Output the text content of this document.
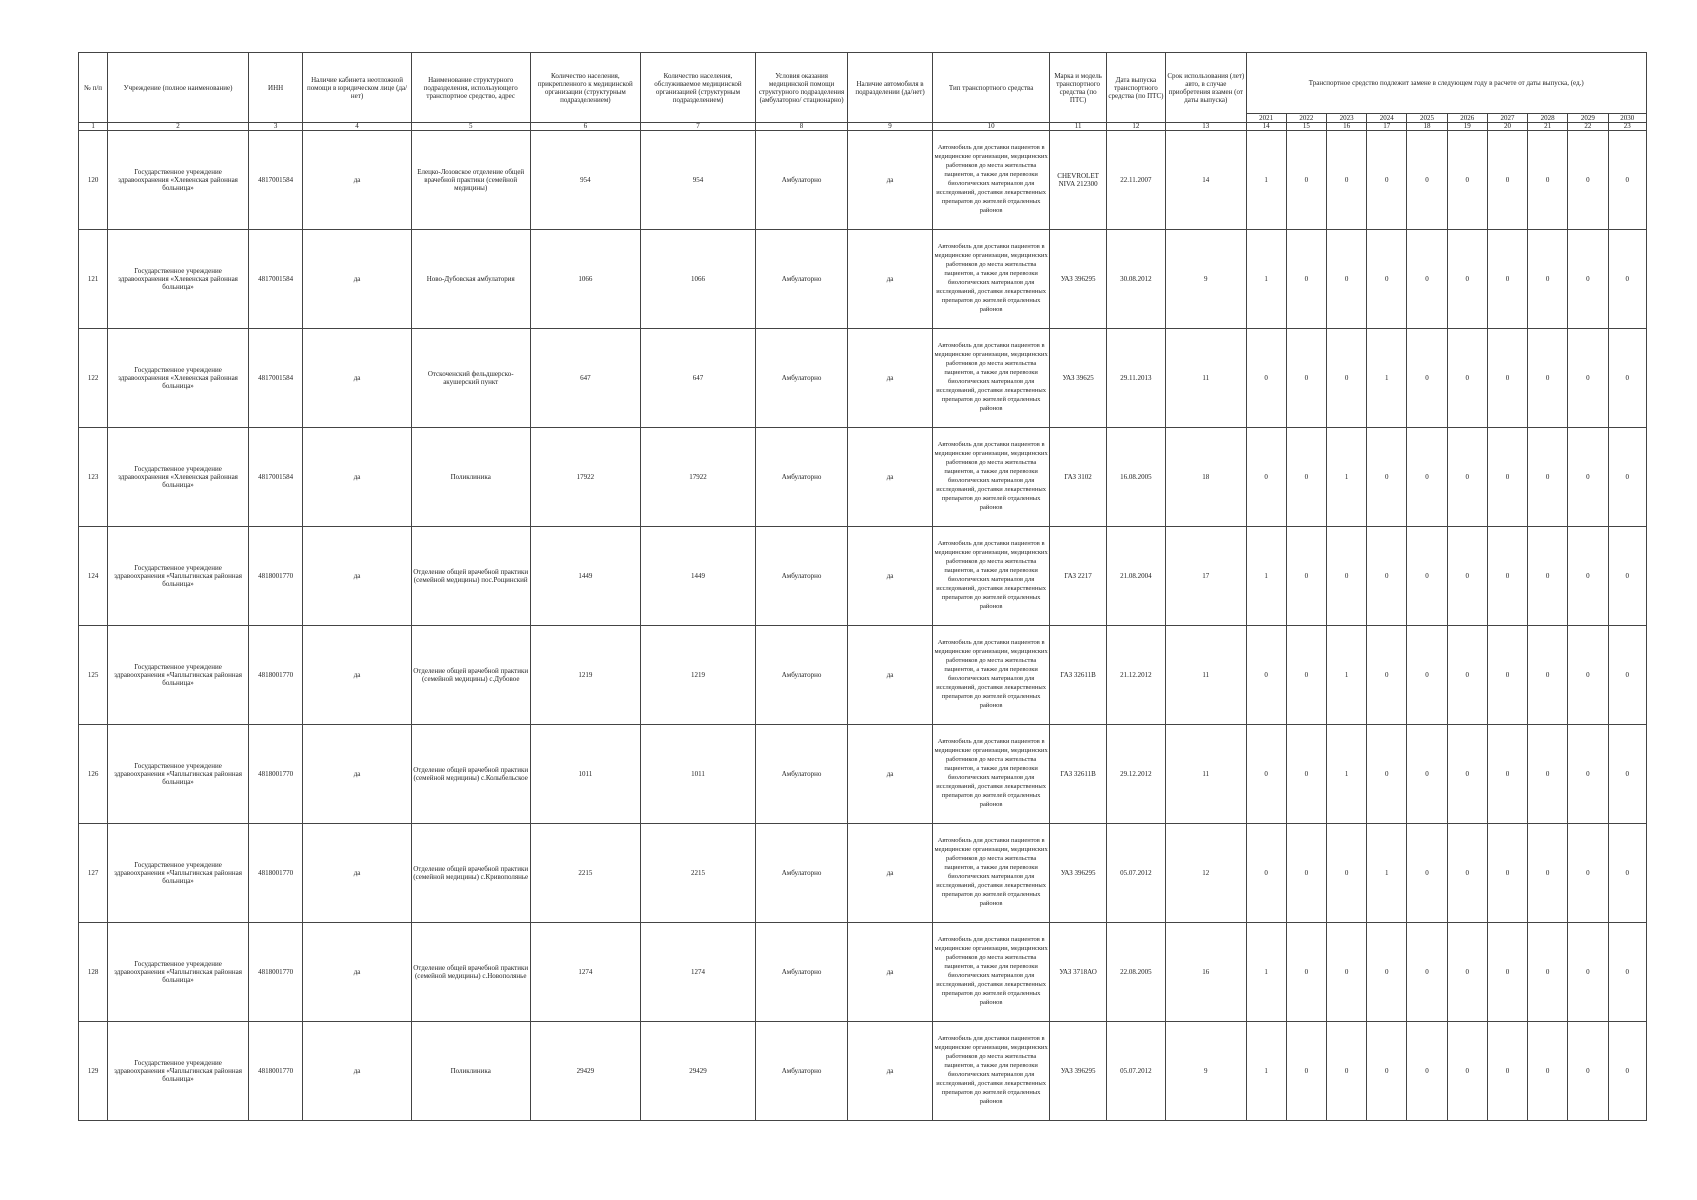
№ п/п	Учреждение (полное наименование)	ИНН	Наличие кабинета неотложной помощи в юридическом лице (да/нет)	Наименование структурного подразделения, использующего транспортное средство, адрес	Количество населения, прикрепленного к медицинской организации (структурным подразделением)	Количество населения, обслуживаемое медицинской организацией (структурным подразделением)	Условия оказания медицинской помощи структурного подразделения (амбулаторно/ стационарно)	Наличие автомобиля в подразделении (да/нет)	Тип транспортного средства	Марка и модель транспортного средства (по ПТС)	Дата выпуска транспортного средства (по ПТС)	Срок использования (лет) авто, в случае приобретения взамен (от даты выпуска)	Транспортное средство подлежит замене в следующем году в расчете от даты выпуска, (ед.)									
													2021	2022	2023	2024	2025	2026	2027	2028	2029	2030
1	2	3	4	5	6	7	8	9	10	11	12	13	14	15	16	17	18	19	20	21	22	23
120	Государственное учреждение здравоохранения «Хлевенская районная больница»	4817001584	да	Елецко-Лозовское отделение общей врачебной практики (семейной медицины)	954	954	Амбулаторно	да	Автомобиль для доставки пациентов в медицинские организации, медицинских работников до места жительства пациентов, а также для перевозки биологических материалов для исследований, доставки лекарственных препаратов до жителей отдаленных районов	CHEVROLET NIVA 212300	22.11.2007	14	1	0	0	0	0	0	0	0	0	0
121	Государственное учреждение здравоохранения «Хлевенская районная больница»	4817001584	да	Ново-Дубовская амбулатория	1066	1066	Амбулаторно	да	Автомобиль для доставки пациентов в медицинские организации, медицинских работников до места жительства пациентов, а также для перевозки биологических материалов для исследований, доставки лекарственных препаратов до жителей отдаленных районов	УАЗ 396295	30.08.2012	9	1	0	0	0	0	0	0	0	0	0
122	Государственное учреждение здравоохранения «Хлевенская районная больница»	4817001584	да	Отскоченский фельдшерско-акушерский пункт	647	647	Амбулаторно	да	Автомобиль для доставки пациентов в медицинские организации, медицинских работников до места жительства пациентов, а также для перевозки биологических материалов для исследований, доставки лекарственных препаратов до жителей отдаленных районов	УАЗ 39625	29.11.2013	11	0	0	0	1	0	0	0	0	0	0
123	Государственное учреждение здравоохранения «Хлевенская районная больница»	4817001584	да	Поликлиника	17922	17922	Амбулаторно	да	Автомобиль для доставки пациентов в медицинские организации, медицинских работников до места жительства пациентов, а также для перевозки биологических материалов для исследований, доставки лекарственных препаратов до жителей отдаленных районов	ГАЗ 3102	16.08.2005	18	0	0	1	0	0	0	0	0	0	0
124	Государственное учреждение здравоохранения «Чаплыгинская районная больница»	4818001770	да	Отделение общей врачебной практики (семейной медицины) пос.Рощинский	1449	1449	Амбулаторно	да	Автомобиль для доставки пациентов в медицинские организации, медицинских работников до места жительства пациентов, а также для перевозки биологических материалов для исследований, доставки лекарственных препаратов до жителей отдаленных районов	ГАЗ 2217	21.08.2004	17	1	0	0	0	0	0	0	0	0	0
125	Государственное учреждение здравоохранения «Чаплыгинская районная больница»	4818001770	да	Отделение общей врачебной практики (семейной медицины) с.Дубовое	1219	1219	Амбулаторно	да	Автомобиль для доставки пациентов в медицинские организации, медицинских работников до места жительства пациентов, а также для перевозки биологических материалов для исследований, доставки лекарственных препаратов до жителей отдаленных районов	ГАЗ 32611В	21.12.2012	11	0	0	1	0	0	0	0	0	0	0
126	Государственное учреждение здравоохранения «Чаплыгинская районная больница»	4818001770	да	Отделение общей врачебной практики (семейной медицины) с.Колыбельское	1011	1011	Амбулаторно	да	Автомобиль для доставки пациентов в медицинские организации, медицинских работников до места жительства пациентов, а также для перевозки биологических материалов для исследований, доставки лекарственных препаратов до жителей отдаленных районов	ГАЗ 32611В	29.12.2012	11	0	0	1	0	0	0	0	0	0	0
127	Государственное учреждение здравоохранения «Чаплыгинская районная больница»	4818001770	да	Отделение общей врачебной практики (семейной медицины) с.Кривополянье	2215	2215	Амбулаторно	да	Автомобиль для доставки пациентов в медицинские организации, медицинских работников до места жительства пациентов, а также для перевозки биологических материалов для исследований, доставки лекарственных препаратов до жителей отдаленных районов	УАЗ 396295	05.07.2012	12	0	0	0	1	0	0	0	0	0	0
128	Государственное учреждение здравоохранения «Чаплыгинская районная больница»	4818001770	да	Отделение общей врачебной практики (семейной медицины) с.Новополянье	1274	1274	Амбулаторно	да	Автомобиль для доставки пациентов в медицинские организации, медицинских работников до места жительства пациентов, а также для перевозки биологических материалов для исследований, доставки лекарственных препаратов до жителей отдаленных районов	УАЗ 3718АО	22.08.2005	16	1	0	0	0	0	0	0	0	0	0
129	Государственное учреждение здравоохранения «Чаплыгинская районная больница»	4818001770	да	Поликлиника	29429	29429	Амбулаторно	да	Автомобиль для доставки пациентов в медицинские организации, медицинских работников до места жительства пациентов, а также для перевозки биологических материалов для исследований, доставки лекарственных препаратов до жителей отдаленных районов	УАЗ 396295	05.07.2012	9	1	0	0	0	0	0	0	0	0	0
